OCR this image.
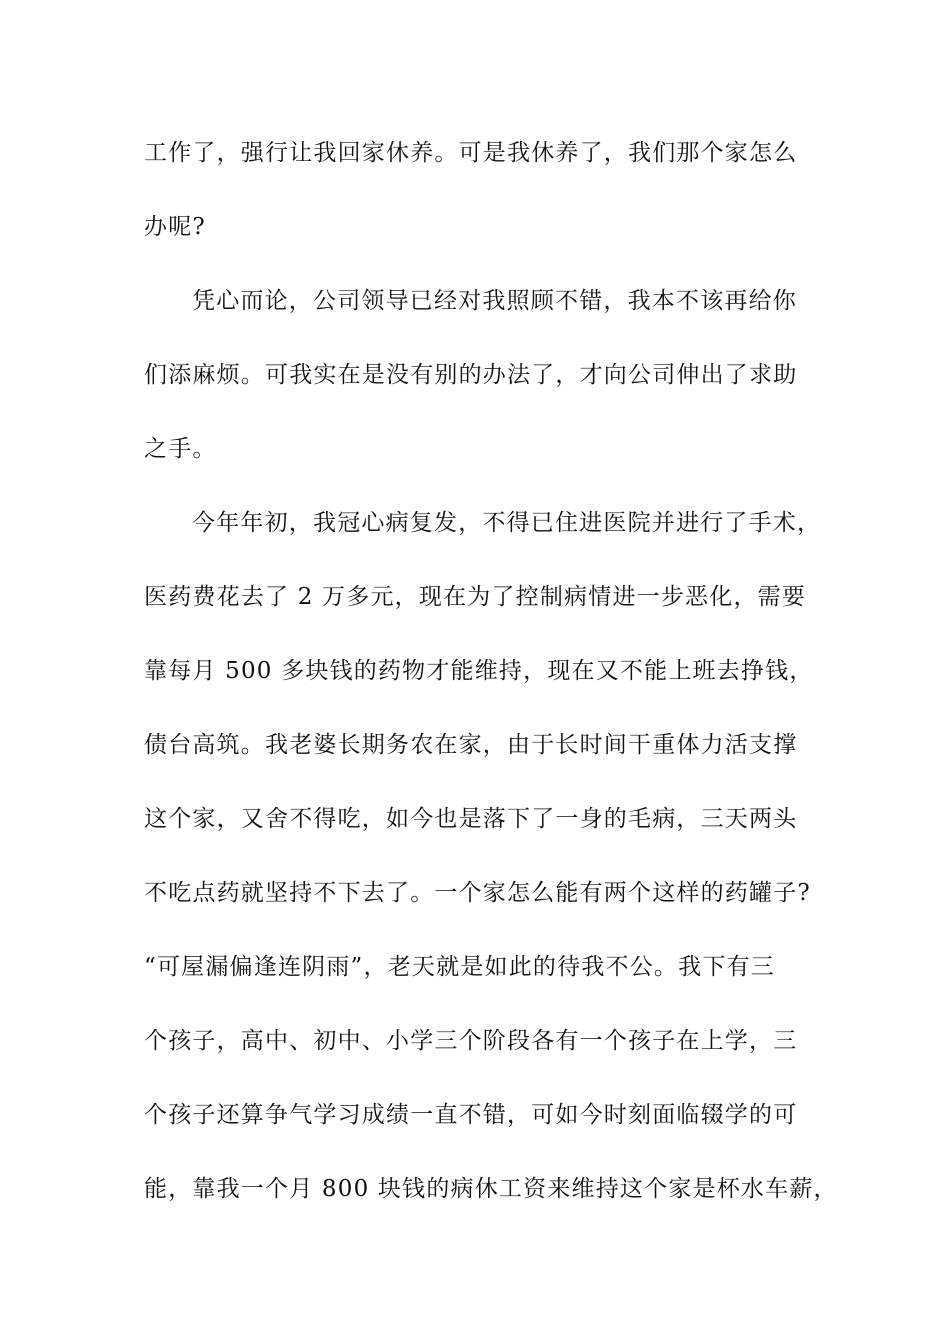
工作了，强行让我回家休养。可是我休养了，我们那个家怎么
办呢?
凭心而论，公司领导已经对我照顾不错，我本不该再给你
们添麻烦。可我实在是没有别的办法了，才向公司伸出了求助
之手。
今年年初，我冠心病复发，不得已住进医院并进行了手术，
医药费花去了 2 万多元，现在为了控制病情进一步恶化，需要
靠每月 500 多块钱的药物才能维持，现在又不能上班去挣钱，
债台高筑。我老婆长期务农在家，由于长时间干重体力活支撑
这个家，又舍不得吃，如今也是落下了一身的毛病，三天两头
不吃点药就坚持不下去了。一个家怎么能有两个这样的药罐子?
“可屋漏偏逢连阴雨”，老天就是如此的待我不公。我下有三
个孩子，高中、初中、小学三个阶段各有一个孩子在上学，三
个孩子还算争气学习成绩一直不错，可如今时刻面临辍学的可
能，靠我一个月 800 块钱的病休工资来维持这个家是杯水车薪，
